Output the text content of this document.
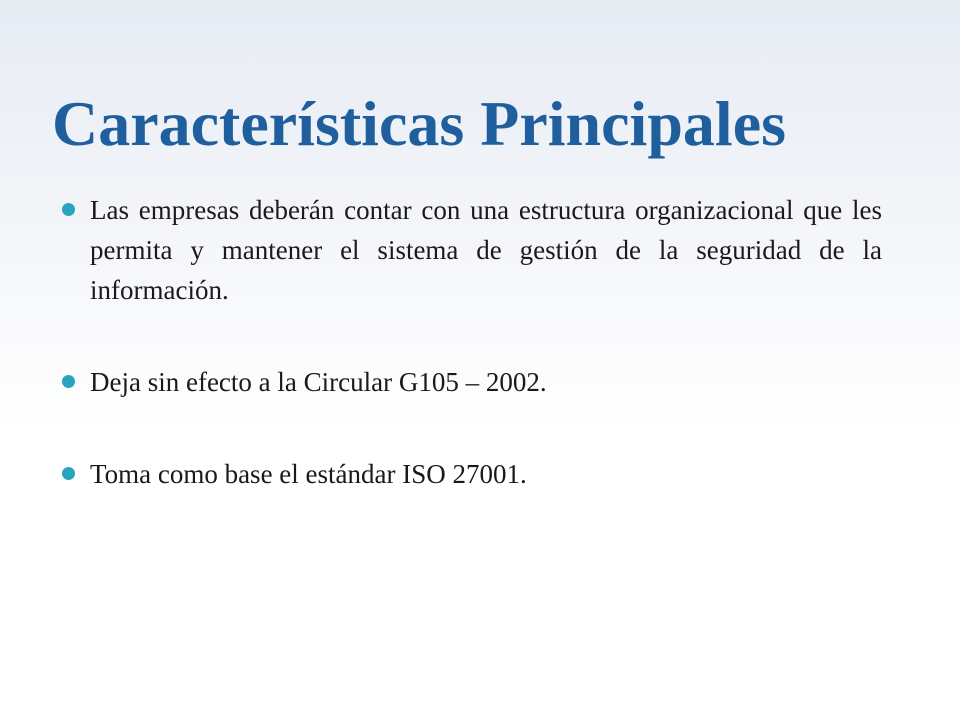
Características Principales
Las empresas deberán contar con una estructura organizacional que les permita y mantener el sistema de gestión de la seguridad de la información.
Deja sin efecto a la Circular G105 – 2002.
Toma como base el estándar ISO 27001.
